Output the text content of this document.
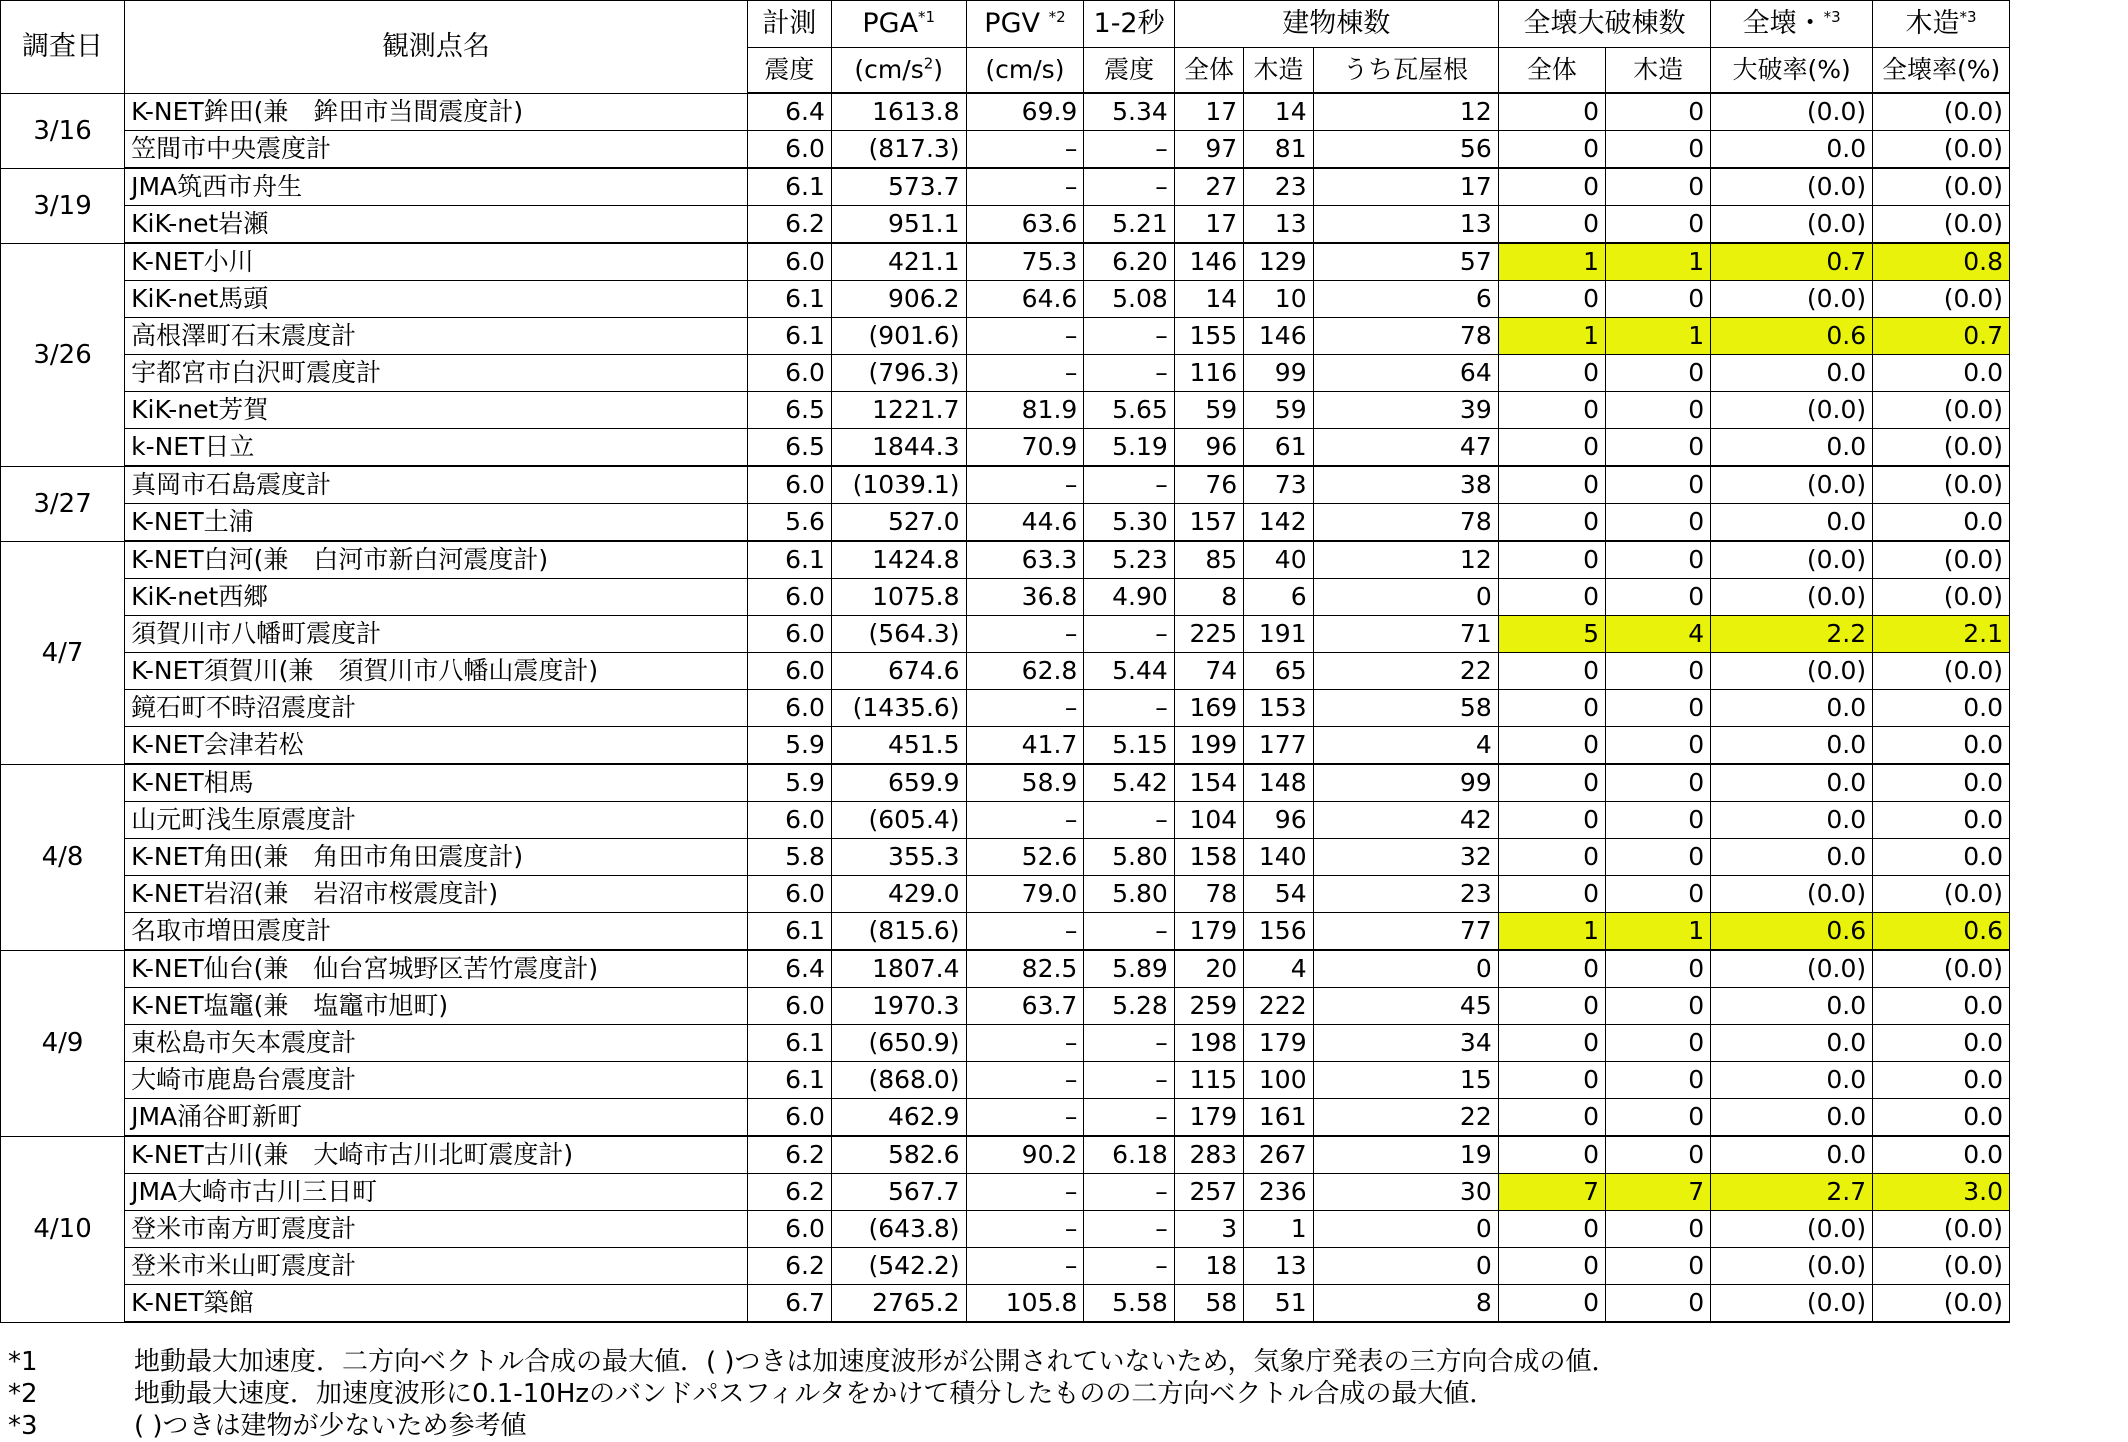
調査日	観測点名	計測	PGA$^{*1}$	PGV $^{*2}$	1-2秒	建物棟数			全壊大破棟数		全壊・$^{*3}$	木造$^{*3}$
		震度	$(cm/s^2)$	(cm/s)	震度	全体	木造	うち瓦屋根	全体	木造	大破率(%)	全壊率(%)
3/16	K-NET鉾田(兼　鉾田市当間震度計)	6.4	1613.8	69.9	5.34	17	14	12	0	0	(0.0)	(0.0)
	笠間市中央震度計	6.0	(817.3)	–	–	97	81	56	0	0	0.0	(0.0)
3/19	JMA筑西市舟生	6.1	573.7	–	–	27	23	17	0	0	(0.0)	(0.0)
	KiK-net岩瀬	6.2	951.1	63.6	5.21	17	13	13	0	0	(0.0)	(0.0)
3/26	K-NET小川	6.0	421.1	75.3	6.20	146	129	57	1	1	0.7	0.8
	KiK-net馬頭	6.1	906.2	64.6	5.08	14	10	6	0	0	(0.0)	(0.0)
	高根澤町石末震度計	6.1	(901.6)	–	–	155	146	78	1	1	0.6	0.7
	宇都宮市白沢町震度計	6.0	(796.3)	–	–	116	99	64	0	0	0.0	0.0
	KiK-net芳賀	6.5	1221.7	81.9	5.65	59	59	39	0	0	(0.0)	(0.0)
	k-NET日立	6.5	1844.3	70.9	5.19	96	61	47	0	0	0.0	(0.0)
3/27	真岡市石島震度計	6.0	(1039.1)	–	–	76	73	38	0	0	(0.0)	(0.0)
	K-NET土浦	5.6	527.0	44.6	5.30	157	142	78	0	0	0.0	0.0
4/7	K-NET白河(兼　白河市新白河震度計)	6.1	1424.8	63.3	5.23	85	40	12	0	0	(0.0)	(0.0)
	KiK-net西郷	6.0	1075.8	36.8	4.90	8	6	0	0	0	(0.0)	(0.0)
	須賀川市八幡町震度計	6.0	(564.3)	–	–	225	191	71	5	4	2.2	2.1
	K-NET須賀川(兼　須賀川市八幡山震度計)	6.0	674.6	62.8	5.44	74	65	22	0	0	(0.0)	(0.0)
	鏡石町不時沼震度計	6.0	(1435.6)	–	–	169	153	58	0	0	0.0	0.0
	K-NET会津若松	5.9	451.5	41.7	5.15	199	177	4	0	0	0.0	0.0
4/8	K-NET相馬	5.9	659.9	58.9	5.42	154	148	99	0	0	0.0	0.0
	山元町浅生原震度計	6.0	(605.4)	–	–	104	96	42	0	0	0.0	0.0
	K-NET角田(兼　角田市角田震度計)	5.8	355.3	52.6	5.80	158	140	32	0	0	0.0	0.0
	K-NET岩沼(兼　岩沼市桜震度計)	6.0	429.0	79.0	5.80	78	54	23	0	0	(0.0)	(0.0)
	名取市増田震度計	6.1	(815.6)	–	–	179	156	77	1	1	0.6	0.6
4/9	K-NET仙台(兼　仙台宮城野区苦竹震度計)	6.4	1807.4	82.5	5.89	20	4	0	0	0	(0.0)	(0.0)
	K-NET塩竈(兼　塩竈市旭町)	6.0	1970.3	63.7	5.28	259	222	45	0	0	0.0	0.0
	東松島市矢本震度計	6.1	(650.9)	–	–	198	179	34	0	0	0.0	0.0
	大崎市鹿島台震度計	6.1	(868.0)	–	–	115	100	15	0	0	0.0	0.0
	JMA涌谷町新町	6.0	462.9	–	–	179	161	22	0	0	0.0	0.0
4/10	K-NET古川(兼　大崎市古川北町震度計)	6.2	582.6	90.2	6.18	283	267	19	0	0	0.0	0.0
	JMA大崎市古川三日町	6.2	567.7	–	–	257	236	30	7	7	2.7	3.0
	登米市南方町震度計	6.0	(643.8)	–	–	3	1	0	0	0	(0.0)	(0.0)
	登米市米山町震度計	6.2	(542.2)	–	–	18	13	0	0	0	(0.0)	(0.0)
	K-NET築館	6.7	2765.2	105.8	5.58	58	51	8	0	0	(0.0)	(0.0)
*1	地動最大加速度．二方向ベクトル合成の最大値．( )つきは加速度波形が公開されていないため，気象庁発表の三方向合成の値．
*2	地動最大速度．加速度波形に0.1-10Hzのバンドパスフィルタをかけて積分したものの二方向ベクトル合成の最大値．
*3	( )つきは建物が少ないため参考値
